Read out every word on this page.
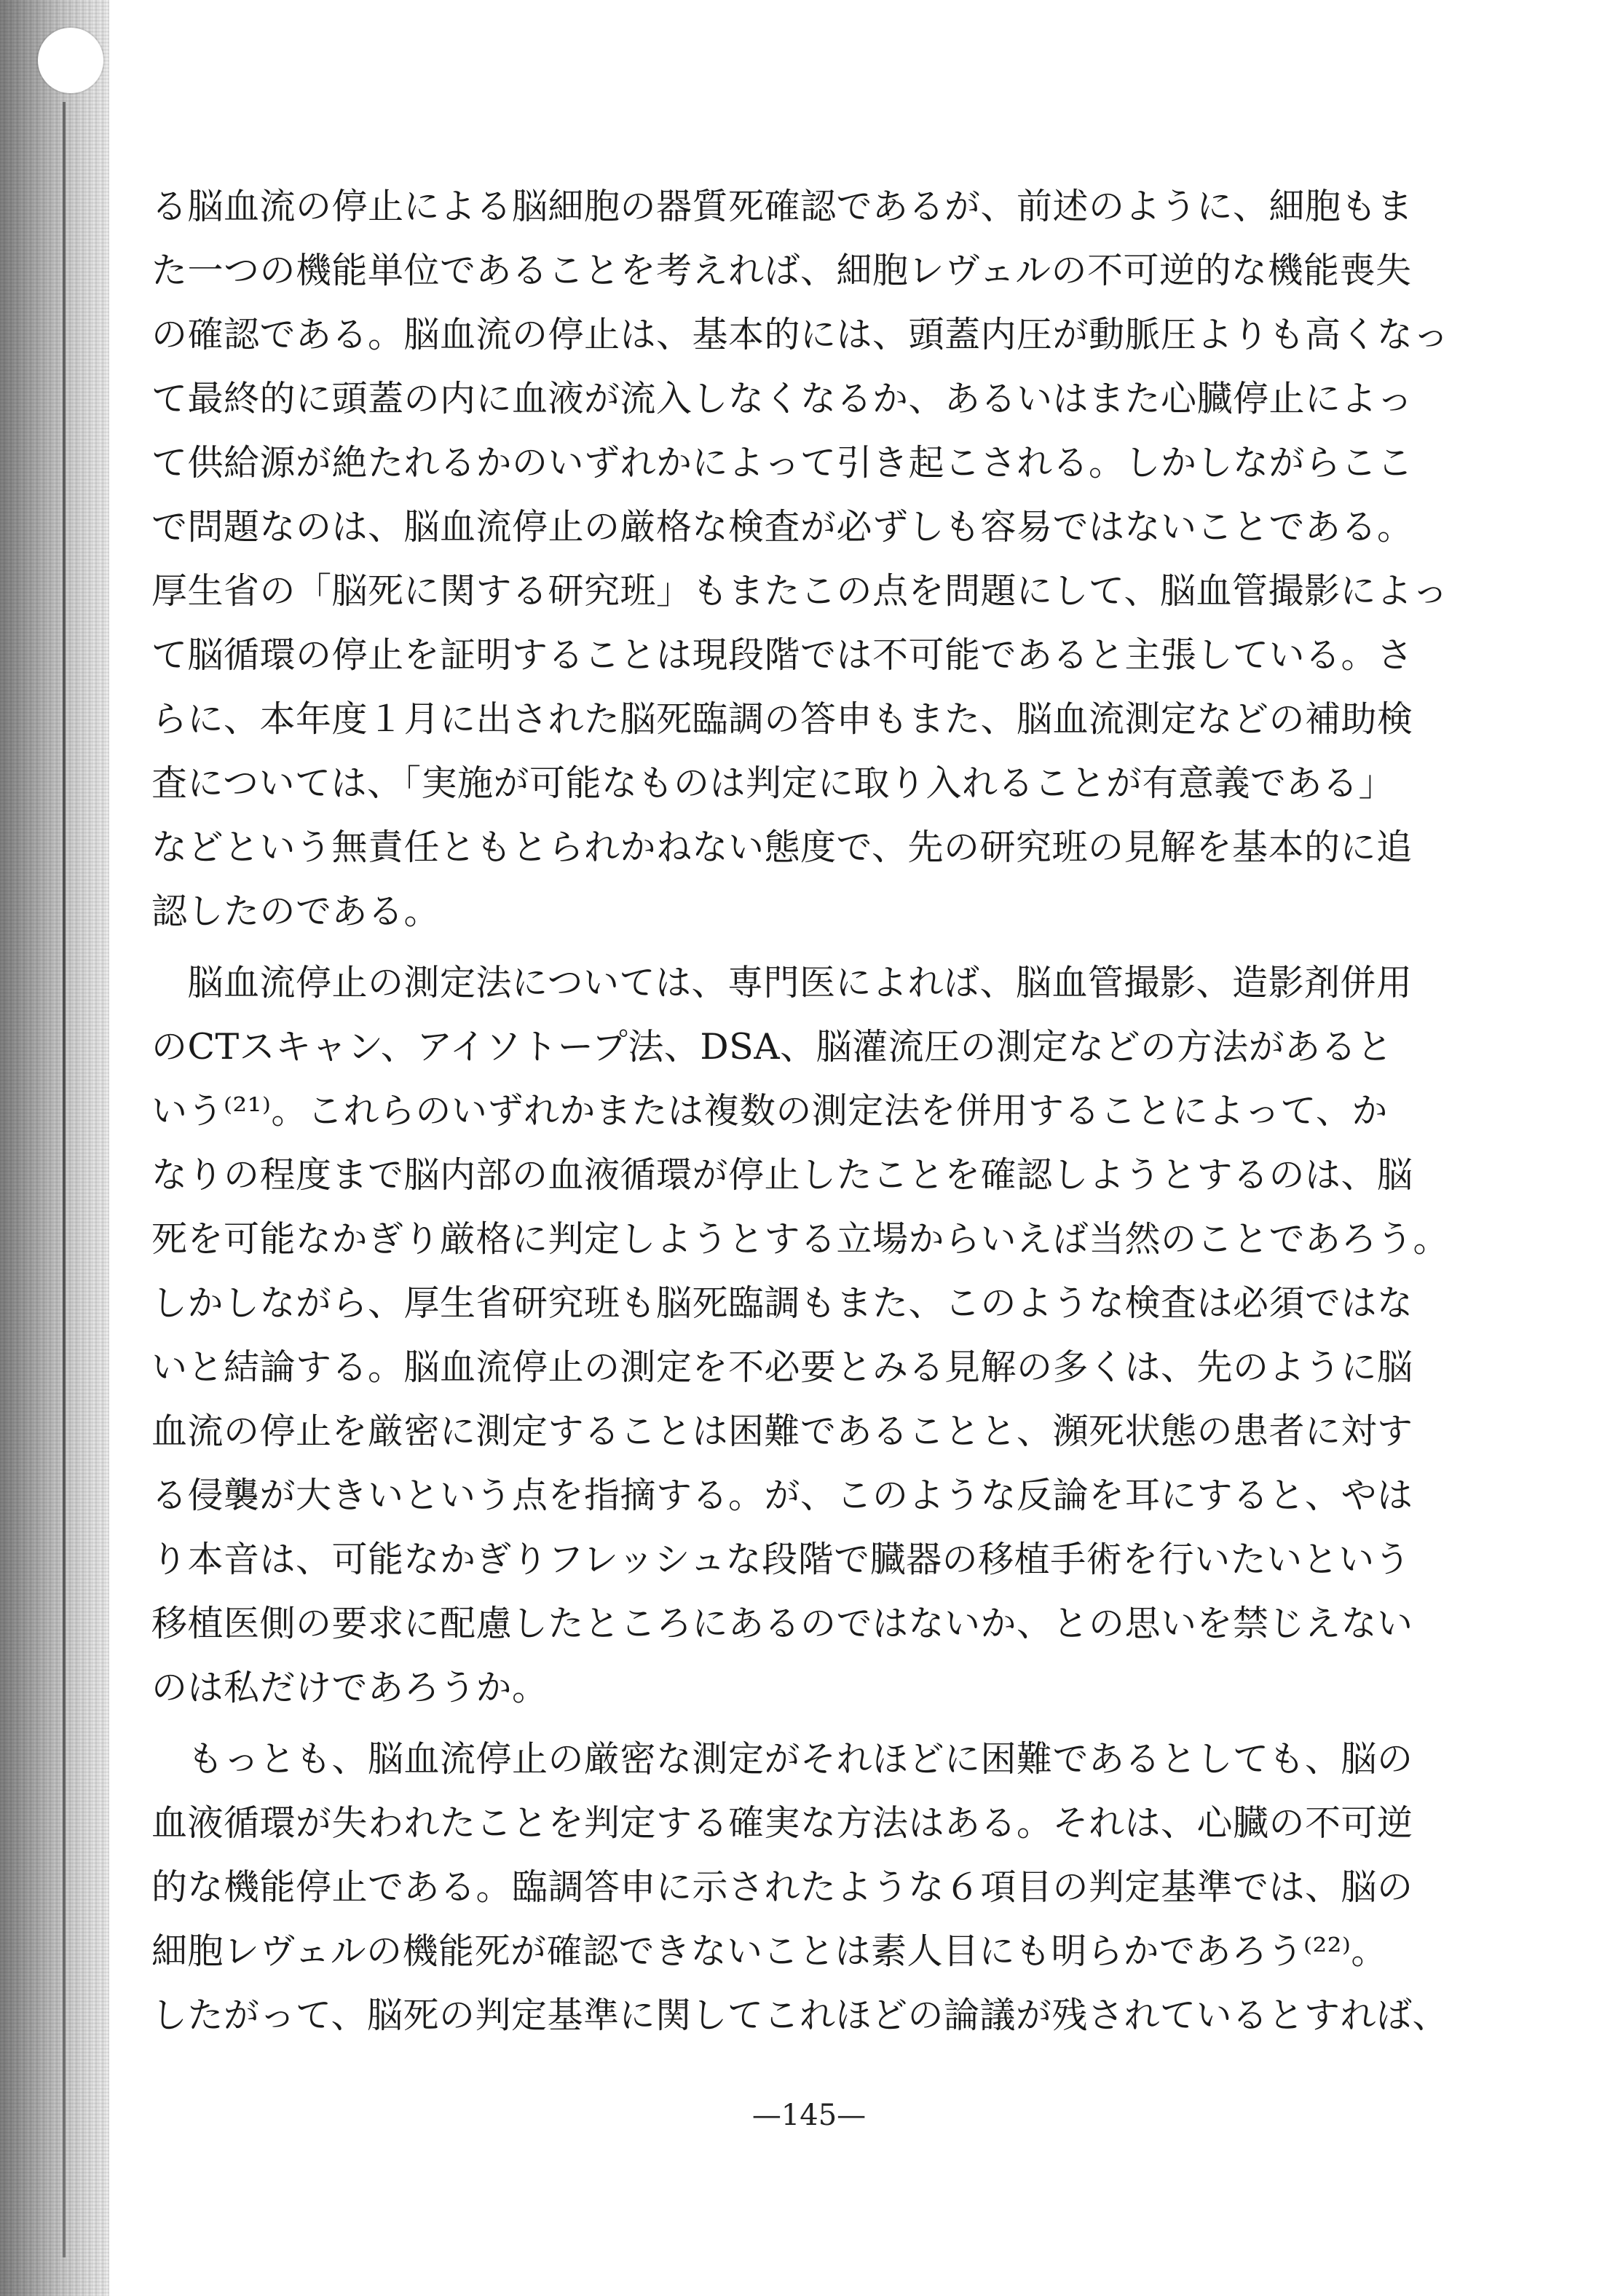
る脳血流の停止による脳細胞の器質死確認であるが、前述のように、細胞もま
た一つの機能単位であることを考えれば、細胞レヴェルの不可逆的な機能喪失
の確認である。脳血流の停止は、基本的には、頭蓋内圧が動脈圧よりも高くなっ
て最終的に頭蓋の内に血液が流入しなくなるか、あるいはまた心臓停止によっ
て供給源が絶たれるかのいずれかによって引き起こされる。しかしながらここ
で問題なのは、脳血流停止の厳格な検査が必ずしも容易ではないことである。
厚生省の「脳死に関する研究班」もまたこの点を問題にして、脳血管撮影によっ
て脳循環の停止を証明することは現段階では不可能であると主張している。さ
らに、本年度１月に出された脳死臨調の答申もまた、脳血流測定などの補助検
査については、「実施が可能なものは判定に取り入れることが有意義である」
などという無責任ともとられかねない態度で、先の研究班の見解を基本的に追
認したのである。
　脳血流停止の測定法については、専門医によれば、脳血管撮影、造影剤併用
のCTスキャン、アイソトープ法、DSA、脳灌流圧の測定などの方法があると
いう⁽²¹⁾。これらのいずれかまたは複数の測定法を併用することによって、か
なりの程度まで脳内部の血液循環が停止したことを確認しようとするのは、脳
死を可能なかぎり厳格に判定しようとする立場からいえば当然のことであろう。
しかしながら、厚生省研究班も脳死臨調もまた、このような検査は必須ではな
いと結論する。脳血流停止の測定を不必要とみる見解の多くは、先のように脳
血流の停止を厳密に測定することは困難であることと、瀕死状態の患者に対す
る侵襲が大きいという点を指摘する。が、このような反論を耳にすると、やは
り本音は、可能なかぎりフレッシュな段階で臓器の移植手術を行いたいという
移植医側の要求に配慮したところにあるのではないか、との思いを禁じえない
のは私だけであろうか。
　もっとも、脳血流停止の厳密な測定がそれほどに困難であるとしても、脳の
血液循環が失われたことを判定する確実な方法はある。それは、心臓の不可逆
的な機能停止である。臨調答申に示されたような６項目の判定基準では、脳の
細胞レヴェルの機能死が確認できないことは素人目にも明らかであろう⁽²²⁾。
したがって、脳死の判定基準に関してこれほどの論議が残されているとすれば、
—145—
